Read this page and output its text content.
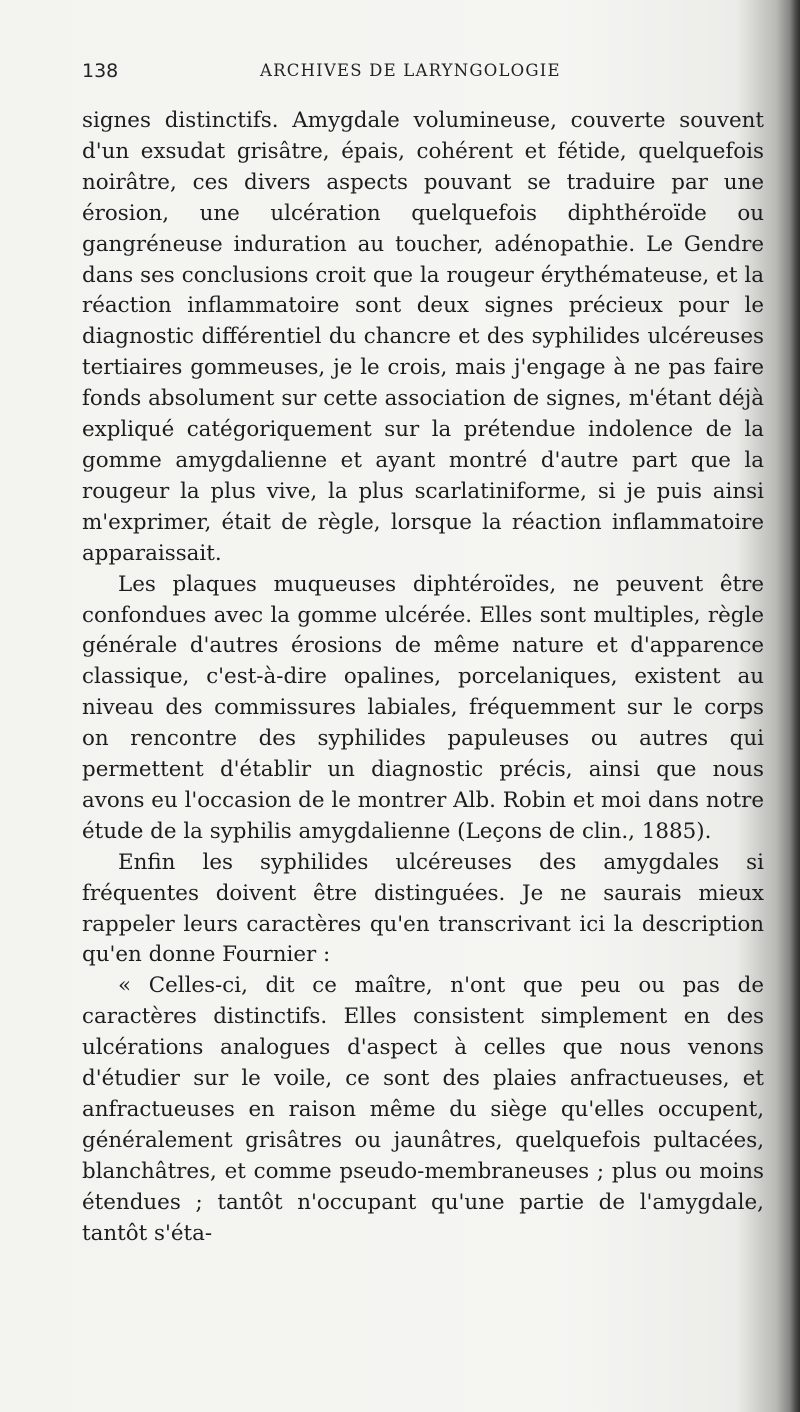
138	ARCHIVES DE LARYNGOLOGIE

signes distinctifs. Amygdale volumineuse, couverte souvent d'un exsudat grisâtre, épais, cohérent et fétide, quelquefois noirâtre, ces divers aspects pouvant se traduire par une érosion, une ulcération quelquefois diphthéroïde ou gangréneuse induration au toucher, adénopathie. Le Gendre dans ses conclusions croit que la rougeur érythémateuse, et la réaction inflammatoire sont deux signes précieux pour le diagnostic différentiel du chancre et des syphilides ulcéreuses tertiaires gommeuses, je le crois, mais j'engage à ne pas faire fonds absolument sur cette association de signes, m'étant déjà expliqué catégoriquement sur la prétendue indolence de la gomme amygdalienne et ayant montré d'autre part que la rougeur la plus vive, la plus scarlatiniforme, si je puis ainsi m'exprimer, était de règle, lorsque la réaction inflammatoire apparaissait.

Les plaques muqueuses diphtéroïdes, ne peuvent être confondues avec la gomme ulcérée. Elles sont multiples, règle générale d'autres érosions de même nature et d'apparence classique, c'est-à-dire opalines, porcelaniques, existent au niveau des commissures labiales, fréquemment sur le corps on rencontre des syphilides papuleuses ou autres qui permettent d'établir un diagnostic précis, ainsi que nous avons eu l'occasion de le montrer Alb. Robin et moi dans notre étude de la syphilis amygdalienne (Leçons de clin., 1885).

Enfin les syphilides ulcéreuses des amygdales si fréquentes doivent être distinguées. Je ne saurais mieux rappeler leurs caractères qu'en transcrivant ici la description qu'en donne Fournier :

« Celles-ci, dit ce maître, n'ont que peu ou pas de caractères distinctifs. Elles consistent simplement en des ulcérations analogues d'aspect à celles que nous venons d'étudier sur le voile, ce sont des plaies anfractueuses, et anfractueuses en raison même du siège qu'elles occupent, généralement grisâtres ou jaunâtres, quelquefois pultacées, blanchâtres, et comme pseudo-membraneuses ; plus ou moins étendues ; tantôt n'occupant qu'une partie de l'amygdale, tantôt s'éta-
